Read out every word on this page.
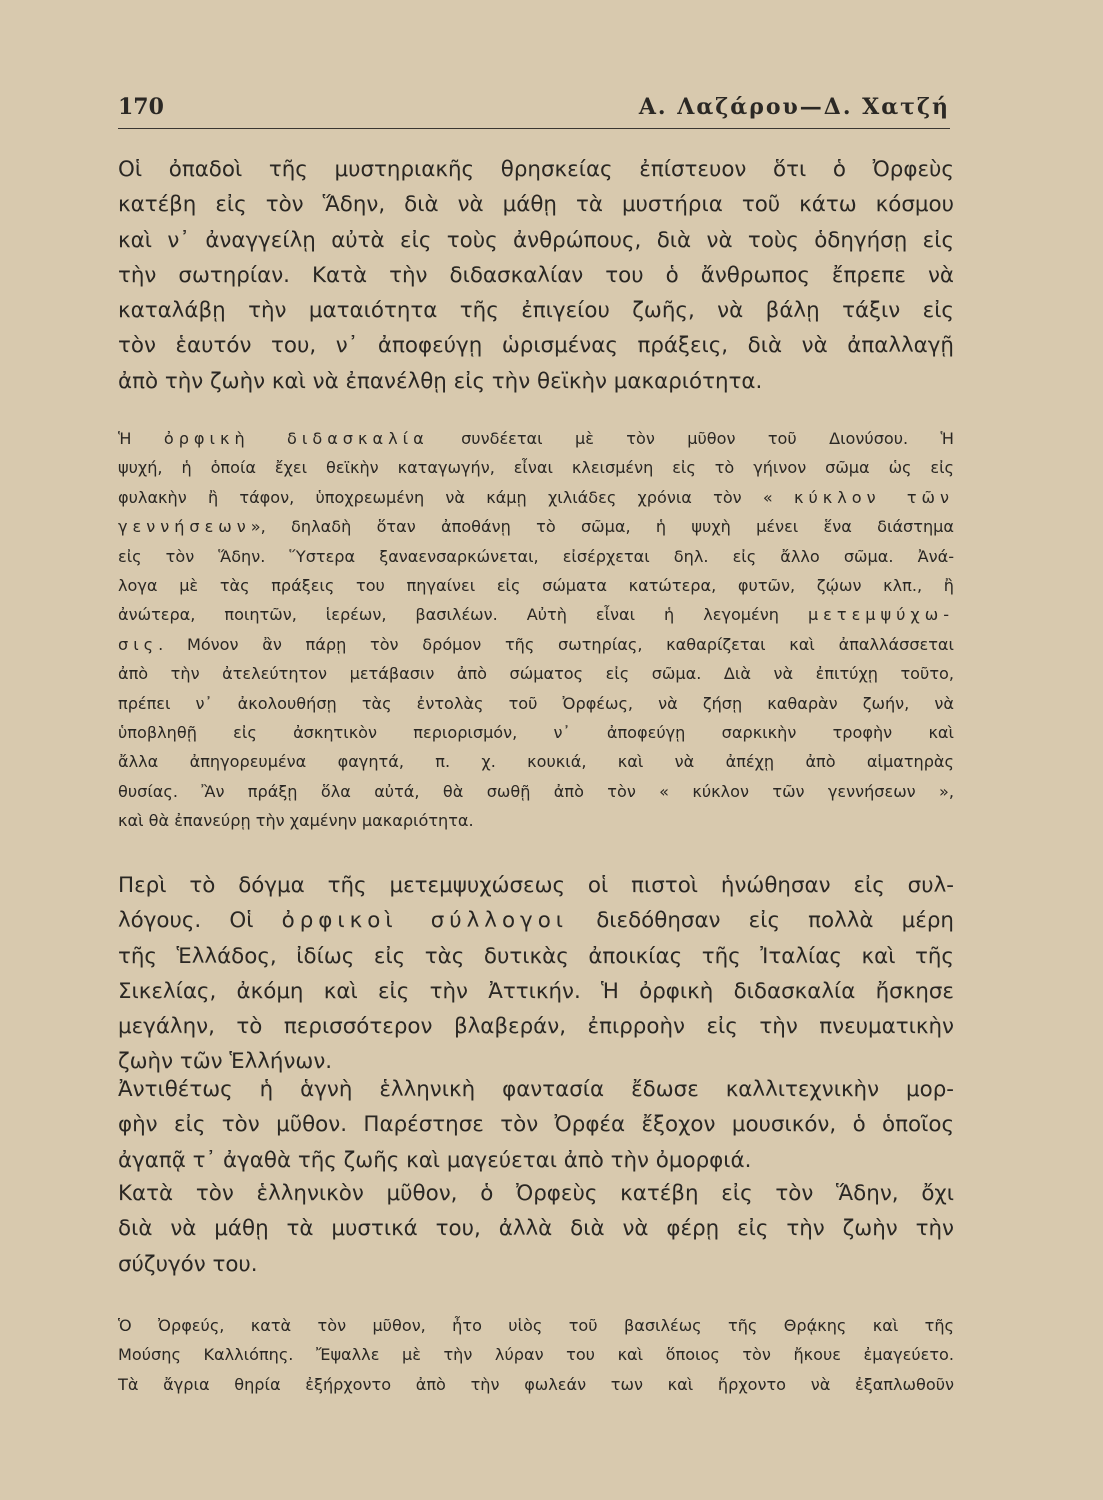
170	Α. Λαζάρου—Δ. Χατζή
Οἱ ὀπαδοὶ τῆς μυστηριακῆς θρησκείας ἐπίστευον ὅτι ὁ Ὀρφεὺς
κατέβη εἰς τὸν Ἅδην, διὰ νὰ μάθῃ τὰ μυστήρια τοῦ κάτω κόσμου
καὶ ν᾽ ἀναγγείλῃ αὐτὰ εἰς τοὺς ἀνθρώπους, διὰ νὰ τοὺς ὁδηγήσῃ εἰς
τὴν σωτηρίαν. Κατὰ τὴν διδασκαλίαν του ὁ ἄνθρωπος ἔπρεπε νὰ
καταλάβῃ τὴν ματαιότητα τῆς ἐπιγείου ζωῆς, νὰ βάλῃ τάξιν εἰς
τὸν ἑαυτόν του, ν᾽ ἀποφεύγῃ ὡρισμένας πράξεις, διὰ νὰ ἀπαλλαγῇ
ἀπὸ τὴν ζωὴν καὶ νὰ ἐπανέλθῃ εἰς τὴν θεϊκὴν μακαριότητα.
Ἡ ὀρφικὴ διδασκαλία συνδέεται μὲ τὸν μῦθον τοῦ Διονύσου. Ἡ
ψυχή, ἡ ὁποία ἔχει θεϊκὴν καταγωγήν, εἶναι κλεισμένη εἰς τὸ γήινον σῶμα ὡς εἰς
φυλακὴν ἢ τάφον, ὑποχρεωμένη νὰ κάμῃ χιλιάδες χρόνια τὸν « κύκλον τῶν
γεννήσεων», δηλαδὴ ὅταν ἀποθάνῃ τὸ σῶμα, ἡ ψυχὴ μένει ἕνα διάστημα
εἰς τὸν Ἅδην. Ὕστερα ξαναενσαρκώνεται, εἰσέρχεται δηλ. εἰς ἄλλο σῶμα. Ἀνά-
λογα μὲ τὰς πράξεις του πηγαίνει εἰς σώματα κατώτερα, φυτῶν, ζῴων κλπ., ἢ
ἀνώτερα, ποιητῶν, ἱερέων, βασιλέων. Αὐτὴ εἶναι ἡ λεγομένη μετεμψύχω-
σις. Μόνον ἂν πάρῃ τὸν δρόμον τῆς σωτηρίας, καθαρίζεται καὶ ἀπαλλάσσεται
ἀπὸ τὴν ἀτελεύτητον μετάβασιν ἀπὸ σώματος εἰς σῶμα. Διὰ νὰ ἐπιτύχῃ τοῦτο,
πρέπει ν᾽ ἀκολουθήσῃ τὰς ἐντολὰς τοῦ Ὀρφέως, νὰ ζήσῃ καθαρὰν ζωήν, νὰ
ὑποβληθῇ εἰς ἀσκητικὸν περιορισμόν, ν᾽ ἀποφεύγῃ σαρκικὴν τροφὴν καὶ
ἄλλα ἀπηγορευμένα φαγητά, π. χ. κουκιά, καὶ νὰ ἀπέχῃ ἀπὸ αἱματηρὰς
θυσίας. Ἂν πράξῃ ὅλα αὐτά, θὰ σωθῇ ἀπὸ τὸν « κύκλον τῶν γεννήσεων »,
καὶ θὰ ἐπανεύρῃ τὴν χαμένην μακαριότητα.
Περὶ τὸ δόγμα τῆς μετεμψυχώσεως οἱ πιστοὶ ἡνώθησαν εἰς συλ-
λόγους. Οἱ ὀρφικοὶ σύλλογοι διεδόθησαν εἰς πολλὰ μέρη
τῆς Ἑλλάδος, ἰδίως εἰς τὰς δυτικὰς ἀποικίας τῆς Ἰταλίας καὶ τῆς
Σικελίας, ἀκόμη καὶ εἰς τὴν Ἀττικήν. Ἡ ὀρφικὴ διδασκαλία ἤσκησε
μεγάλην, τὸ περισσότερον βλαβεράν, ἐπιρροὴν εἰς τὴν πνευματικὴν
ζωὴν τῶν Ἑλλήνων.
Ἀντιθέτως ἡ ἁγνὴ ἑλληνικὴ φαντασία ἔδωσε καλλιτεχνικὴν μορ-
φὴν εἰς τὸν μῦθον. Παρέστησε τὸν Ὀρφέα ἔξοχον μουσικόν, ὁ ὁποῖος
ἀγαπᾷ τ᾽ ἀγαθὰ τῆς ζωῆς καὶ μαγεύεται ἀπὸ τὴν ὀμορφιά.
Κατὰ τὸν ἑλληνικὸν μῦθον, ὁ Ὀρφεὺς κατέβη εἰς τὸν Ἅδην, ὄχι
διὰ νὰ μάθῃ τὰ μυστικά του, ἀλλὰ διὰ νὰ φέρῃ εἰς τὴν ζωὴν τὴν
σύζυγόν του.
Ὁ Ὀρφεύς, κατὰ τὸν μῦθον, ἦτο υἱὸς τοῦ βασιλέως τῆς Θρᾴκης καὶ τῆς
Μούσης Καλλιόπης. Ἔψαλλε μὲ τὴν λύραν του καὶ ὅποιος τὸν ἤκουε ἐμαγεύετο.
Τὰ ἄγρια θηρία ἐξήρχοντο ἀπὸ τὴν φωλεάν των καὶ ἤρχοντο νὰ ἐξαπλωθοῦν
